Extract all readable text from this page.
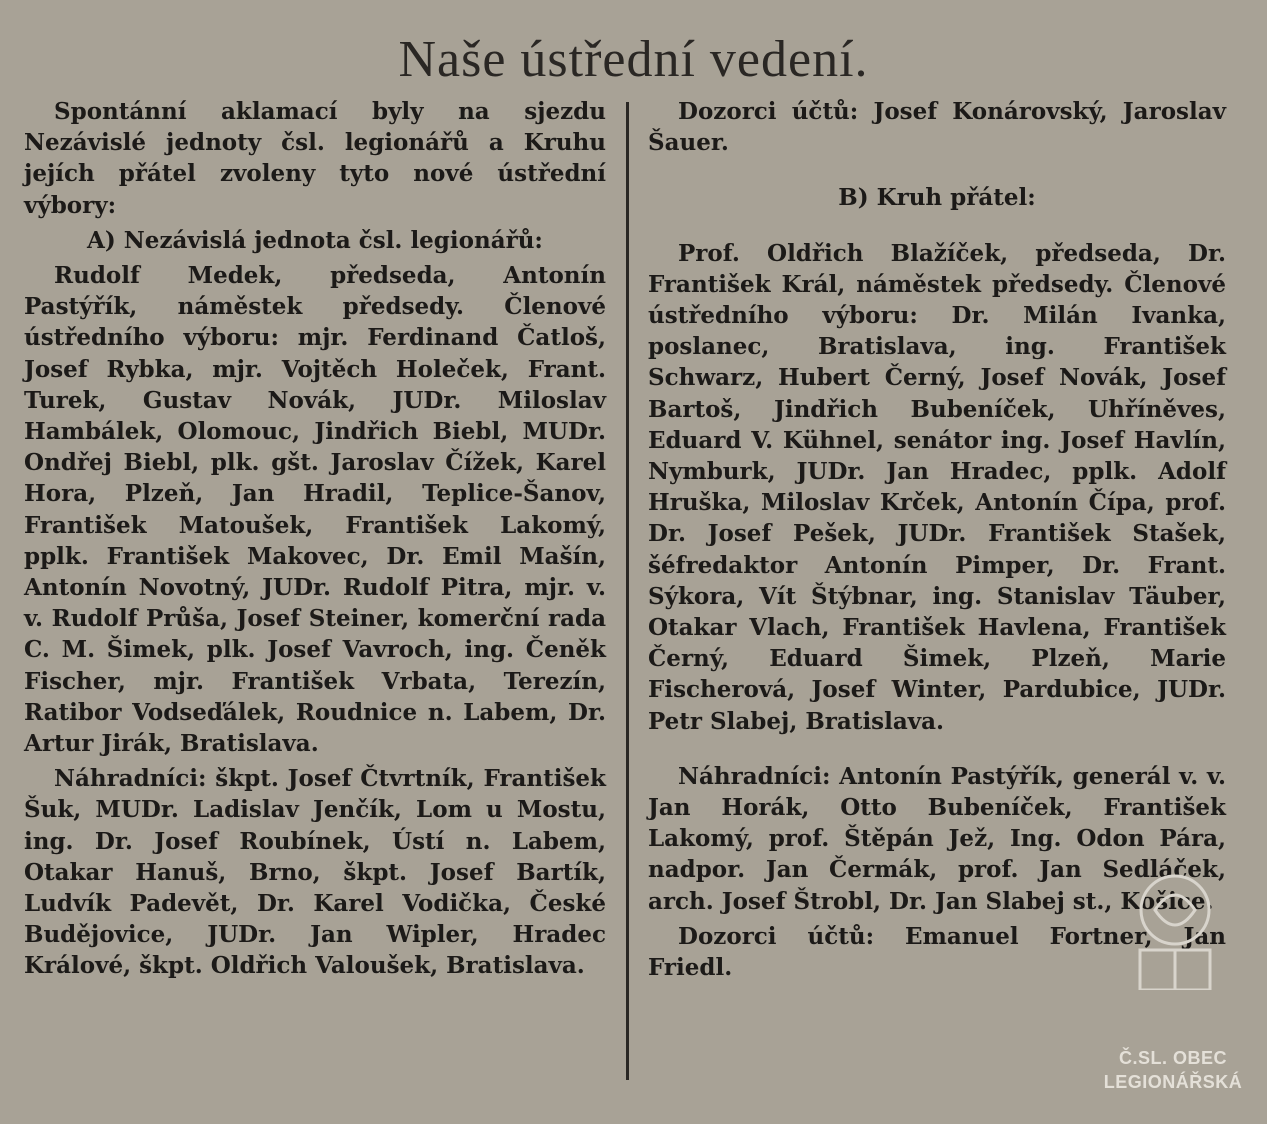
Naše ústřední vedení.

Spontánní aklamací byly na sjezdu Nezávislé jednoty čsl. legionářů a Kruhu jejích přátel zvoleny tyto nové ústřední výbory:

A) Nezávislá jednota čsl. legionářů:

Rudolf Medek, předseda, Antonín Pastýřík, náměstek předsedy. Členové ústředního výboru: mjr. Ferdinand Čatloš, Josef Rybka, mjr. Vojtěch Holeček, Frant. Turek, Gustav Novák, JUDr. Miloslav Hambálek, Olomouc, Jindřich Biebl, MUDr. Ondřej Biebl, plk. gšt. Jaroslav Čížek, Karel Hora, Plzeň, Jan Hradil, Teplice-Šanov, František Matoušek, František Lakomý, pplk. František Makovec, Dr. Emil Mašín, Antonín Novotný, JUDr. Rudolf Pitra, mjr. v. v. Rudolf Průša, Josef Steiner, komerční rada C. M. Šimek, plk. Josef Vavroch, ing. Čeněk Fischer, mjr. František Vrbata, Terezín, Ratibor Vodseďálek, Roudnice n. Labem, Dr. Artur Jirák, Bratislava.

Náhradníci: škpt. Josef Čtvrtník, František Šuk, MUDr. Ladislav Jenčík, Lom u Mostu, ing. Dr. Josef Roubínek, Ústí n. Labem, Otakar Hanuš, Brno, škpt. Josef Bartík, Ludvík Padevět, Dr. Karel Vodička, České Budějovice, JUDr. Jan Wipler, Hradec Králové, škpt. Oldřich Valoušek, Bratislava.

Dozorci účtů: Josef Konárovský, Jaroslav Šauer.

B) Kruh přátel:

Prof. Oldřich Blažíček, předseda, Dr. František Král, náměstek předsedy. Členové ústředního výboru: Dr. Milán Ivanka, poslanec, Bratislava, ing. František Schwarz, Hubert Černý, Josef Novák, Josef Bartoš, Jindřich Bubeníček, Uhříněves, Eduard V. Kühnel, senátor ing. Josef Havlín, Nymburk, JUDr. Jan Hradec, pplk. Adolf Hruška, Miloslav Krček, Antonín Čípa, prof. Dr. Josef Pešek, JUDr. František Stašek, šéfredaktor Antonín Pimper, Dr. Frant. Sýkora, Vít Štýbnar, ing. Stanislav Täuber, Otakar Vlach, František Havlena, František Černý, Eduard Šimek, Plzeň, Marie Fischerová, Josef Winter, Pardubice, JUDr. Petr Slabej, Bratislava.

Náhradníci: Antonín Pastýřík, generál v. v. Jan Horák, Otto Bubeníček, František Lakomý, prof. Štěpán Jež, Ing. Odon Pára, nadpor. Jan Čermák, prof. Jan Sedláček, arch. Josef Štrobl, Dr. Jan Slabej st., Košice.

Dozorci účtů: Emanuel Fortner, Jan Friedl.

Č.SL. OBEC
LEGIONÁŘSKÁ
